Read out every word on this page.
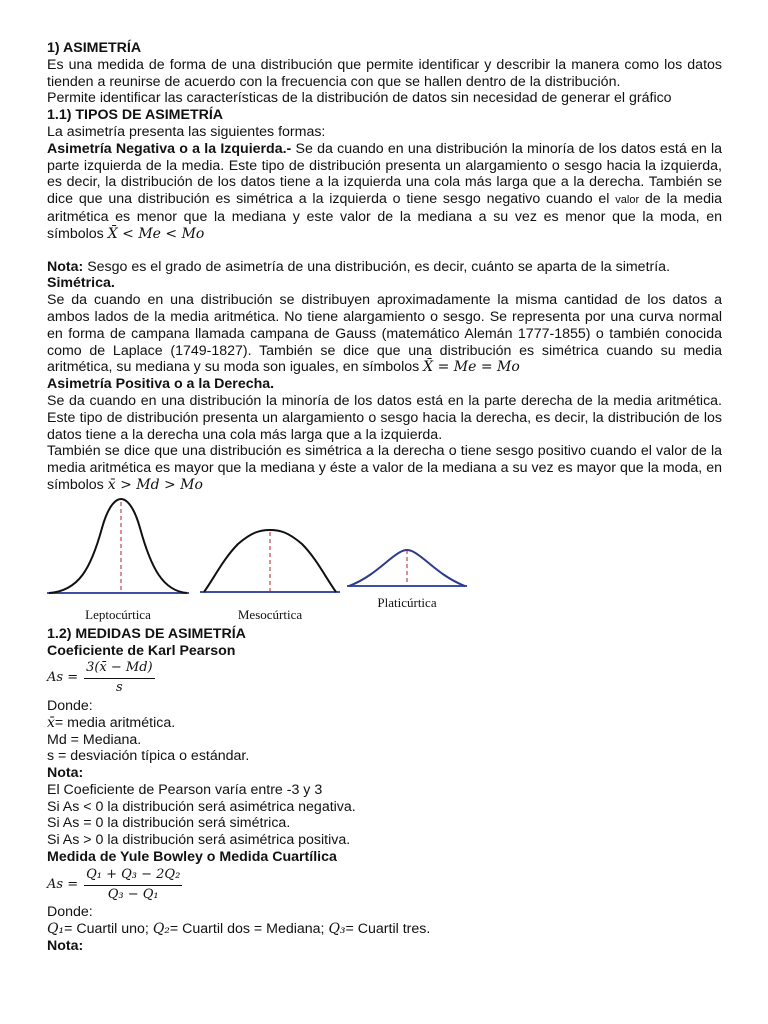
1) ASIMETRÍA

Es una medida de forma de una distribución que permite identificar y describir la manera como los datos tienden a reunirse de acuerdo con la frecuencia con que se hallen dentro de la distribución.

Permite identificar las características de la distribución de datos sin necesidad de generar el gráfico

1.1) TIPOS DE ASIMETRÍA

La asimetría presenta las siguientes formas:

Asimetría Negativa o a la Izquierda.- Se da cuando en una distribución la minoría de los datos está en la parte izquierda de la media. Este tipo de distribución presenta un alargamiento o sesgo hacia la izquierda, es decir, la distribución de los datos tiene a la izquierda una cola más larga que a la derecha. También se dice que una distribución es simétrica a la izquierda o tiene sesgo negativo cuando el valor de la media aritmética es menor que la mediana y este valor de la mediana a su vez es menor que la moda, en símbolos X̄ < Me < Mo

Nota: Sesgo es el grado de asimetría de una distribución, es decir, cuánto se aparta de la simetría.

Simétrica.

Se da cuando en una distribución se distribuyen aproximadamente la misma cantidad de los datos a ambos lados de la media aritmética. No tiene alargamiento o sesgo. Se representa por una curva normal en forma de campana llamada campana de Gauss (matemático Alemán 1777-1855) o también conocida como de Laplace (1749-1827). También se dice que una distribución es simétrica cuando su media aritmética, su mediana y su moda son iguales, en símbolos X̄ = Me = Mo

Asimetría Positiva o a la Derecha.

Se da cuando en una distribución la minoría de los datos está en la parte derecha de la media aritmética. Este tipo de distribución presenta un alargamiento o sesgo hacia la derecha, es decir, la distribución de los datos tiene a la derecha una cola más larga que a la izquierda.

También se dice que una distribución es simétrica a la derecha o tiene sesgo positivo cuando el valor de la media aritmética es mayor que la mediana y éste a valor de la mediana a su vez es mayor que la moda, en símbolos x̄ > Md > Mo

Leptocúrtica	Mesocúrtica
Platicúrtica

1.2) MEDIDAS DE ASIMETRÍA

Coeficiente de Karl Pearson

$As = \frac{3(x̄ - Md)}{s}$

Donde:

x̄= media aritmética.

Md = Mediana.

s = desviación típica o estándar.

Nota:

El Coeficiente de Pearson varía entre -3 y 3

Si As < 0 la distribución será asimétrica negativa.

Si As = 0 la distribución será simétrica.

Si As > 0 la distribución será asimétrica positiva.

Medida de Yule Bowley o Medida Cuartílica

$As = \frac{\text{Q₁ + Q₃ − 2Q₂}}{\text{Q₃ − Q₁}}$

Donde:

Q₁= Cuartil uno; Q₂= Cuartil dos = Mediana; Q₃= Cuartil tres.

Nota:
